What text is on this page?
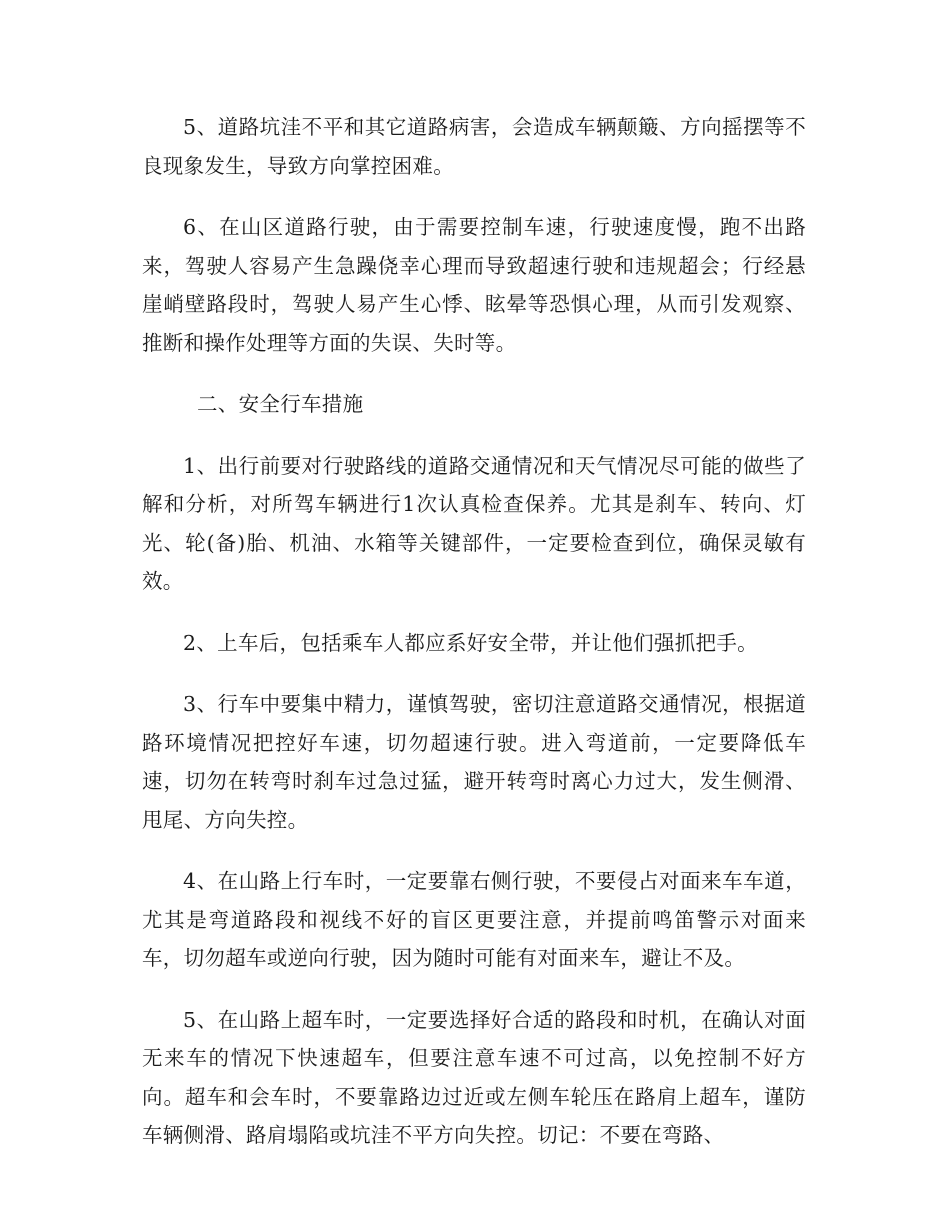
5、道路坑洼不平和其它道路病害，会造成车辆颠簸、方向摇摆等不良现象发生，导致方向掌控困难。

6、在山区道路行驶，由于需要控制车速，行驶速度慢，跑不出路来，驾驶人容易产生急躁侥幸心理而导致超速行驶和违规超会；行经悬崖峭壁路段时，驾驶人易产生心悸、眩晕等恐惧心理，从而引发观察、推断和操作处理等方面的失误、失时等。

二、安全行车措施

1、出行前要对行驶路线的道路交通情况和天气情况尽可能的做些了解和分析，对所驾车辆进行1次认真检查保养。尤其是刹车、转向、灯光、轮(备)胎、机油、水箱等关键部件，一定要检查到位，确保灵敏有效。

2、上车后，包括乘车人都应系好安全带，并让他们强抓把手。

3、行车中要集中精力，谨慎驾驶，密切注意道路交通情况，根据道路环境情况把控好车速，切勿超速行驶。进入弯道前，一定要降低车速，切勿在转弯时刹车过急过猛，避开转弯时离心力过大，发生侧滑、甩尾、方向失控。

4、在山路上行车时，一定要靠右侧行驶，不要侵占对面来车车道，尤其是弯道路段和视线不好的盲区更要注意，并提前鸣笛警示对面来车，切勿超车或逆向行驶，因为随时可能有对面来车，避让不及。

5、在山路上超车时，一定要选择好合适的路段和时机，在确认对面无来车的情况下快速超车，但要注意车速不可过高，以免控制不好方向。超车和会车时，不要靠路边过近或左侧车轮压在路肩上超车，谨防车辆侧滑、路肩塌陷或坑洼不平方向失控。切记：不要在弯路、
